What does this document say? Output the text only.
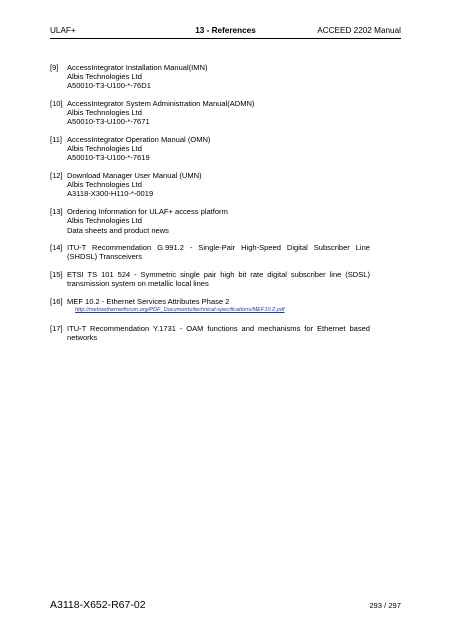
ULAF+	13 - References	ACCEED 2202 Manual
[9] AccessIntegrator Installation Manual(IMN)
Albis Technologies Ltd
A50010-T3-U100-*-76D1
[10] AccessIntegrator System Administration Manual(ADMN)
Albis Technologies Ltd
A50010-T3-U100-*-7671
[11] AccessIntegrator Operation Manual (OMN)
Albis Technologies Ltd
A50010-T3-U100-*-7619
[12] Download Manager User Manual (UMN)
Albis Technologies Ltd
A3118-X300-H110-*-0019
[13] Ordering Information for ULAF+ access platform
Albis Technologies Ltd
Data sheets and product news
[14] ITU-T Recommendation G.991.2 - Single-Pair High-Speed Digital Subscriber Line (SHDSL) Transceivers
[15] ETSI TS 101 524 - Symmetric single pair high bit rate digital subscriber line (SDSL) transmission system on metallic local lines
[16] MEF 10.2 - Ethernet Services Attributes Phase 2
http://metroethernetforum.org/PDF_Documents/technical-specifications/MEF10.2.pdf
[17] ITU-T Recommendation Y.1731 - OAM functions and mechanisms for Ethernet based networks
A3118-X652-R67-02	293 / 297
